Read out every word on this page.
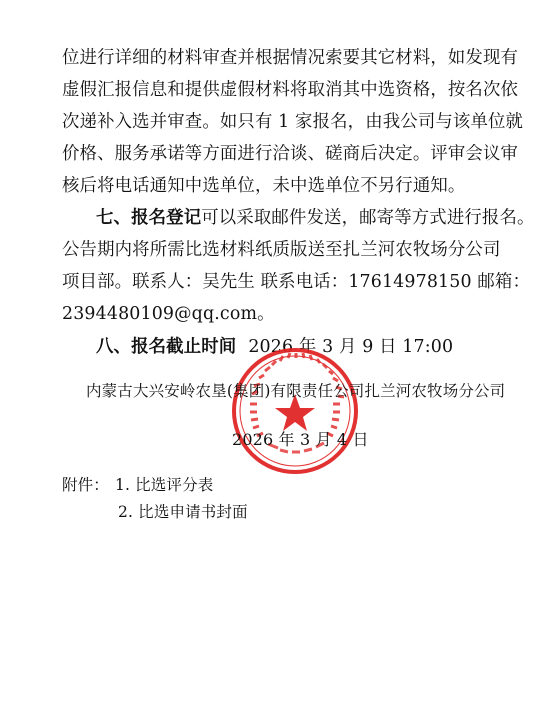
位进行详细的材料审查并根据情况索要其它材料，如发现有
虚假汇报信息和提供虚假材料将取消其中选资格，按名次依
次递补入选并审查。如只有 1 家报名，由我公司与该单位就
价格、服务承诺等方面进行洽谈、磋商后决定。评审会议审
核后将电话通知中选单位，未中选单位不另行通知。
七、报名登记可以采取邮件发送，邮寄等方式进行报名。
公告期内将所需比选材料纸质版送至扎兰河农牧场分公司
项目部。联系人：吴先生 联系电话：17614978150 邮箱：
2394480109@qq.com。
八、报名截止时间 2026 年 3 月 9 日 17:00
内蒙古大兴安岭农垦(集团)有限责任公司扎兰河农牧场分公司
2026 年 3 月 4 日
附件： 1. 比选评分表
2. 比选申请书封面
